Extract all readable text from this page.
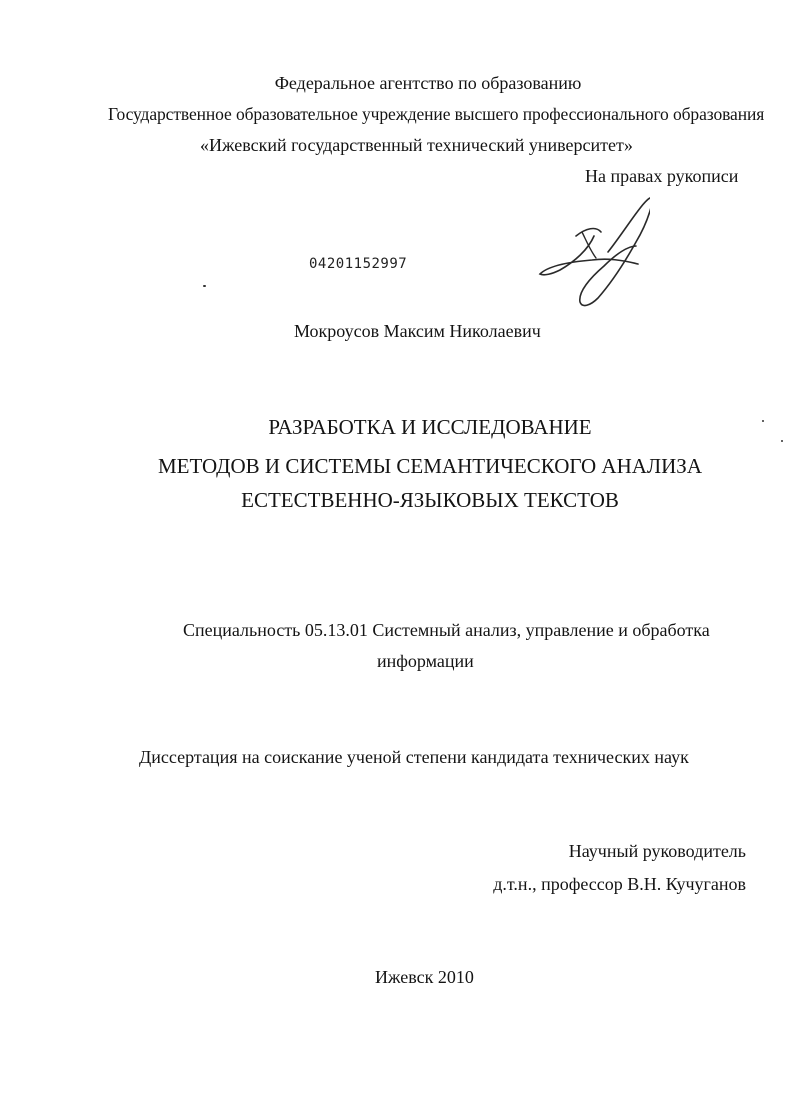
Федеральное агентство по образованию
Государственное образовательное учреждение высшего профессионального образования
«Ижевский государственный технический университет»
На правах рукописи
04201152997
Мокроусов Максим Николаевич
РАЗРАБОТКА И ИССЛЕДОВАНИЕ
МЕТОДОВ И СИСТЕМЫ СЕМАНТИЧЕСКОГО АНАЛИЗА
ЕСТЕСТВЕННО-ЯЗЫКОВЫХ ТЕКСТОВ
Специальность 05.13.01 Системный анализ, управление и обработка
информации
Диссертация на соискание ученой степени кандидата технических наук
Научный руководитель
д.т.н., профессор В.Н. Кучуганов
Ижевск 2010
